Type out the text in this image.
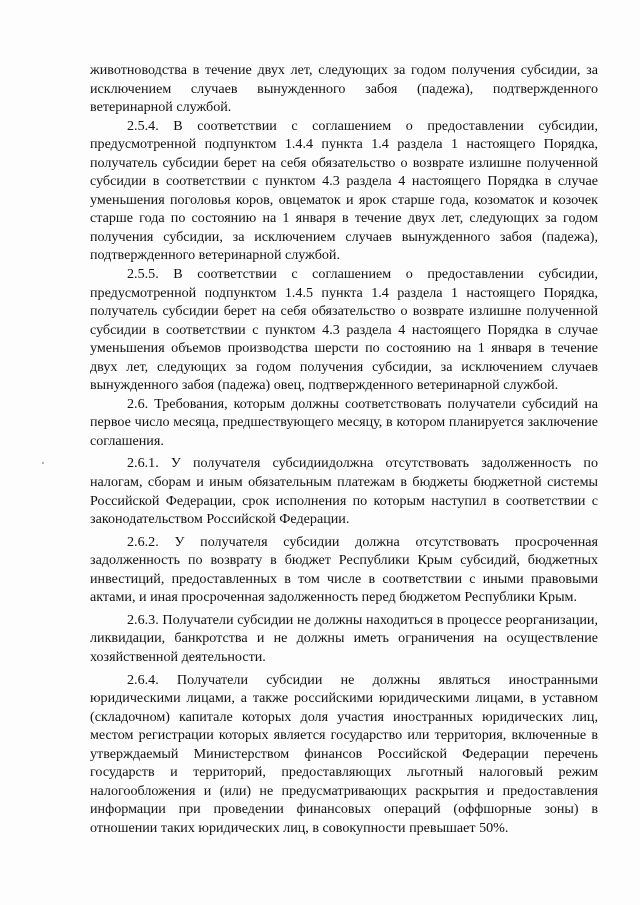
животноводства в течение двух лет, следующих за годом получения субсидии, за исключением случаев вынужденного забоя (падежа), подтвержденного ветеринарной службой.

2.5.4. В соответствии с соглашением о предоставлении субсидии, предусмотренной подпунктом 1.4.4 пункта 1.4 раздела 1 настоящего Порядка, получатель субсидии берет на себя обязательство о возврате излишне полученной субсидии в соответствии с пунктом 4.3 раздела 4 настоящего Порядка в случае уменьшения поголовья коров, овцематок и ярок старше года, козоматок и козочек старше года по состоянию на 1 января в течение двух лет, следующих за годом получения субсидии, за исключением случаев вынужденного забоя (падежа), подтвержденного ветеринарной службой.

2.5.5. В соответствии с соглашением о предоставлении субсидии, предусмотренной подпунктом 1.4.5 пункта 1.4 раздела 1 настоящего Порядка, получатель субсидии берет на себя обязательство о возврате излишне полученной субсидии в соответствии с пунктом 4.3 раздела 4 настоящего Порядка в случае уменьшения объемов производства шерсти по состоянию на 1 января в течение двух лет, следующих за годом получения субсидии, за исключением случаев вынужденного забоя (падежа) овец, подтвержденного ветеринарной службой.

2.6. Требования, которым должны соответствовать получатели субсидий на первое число месяца, предшествующего месяцу, в котором планируется заключение соглашения.

2.6.1. У получателя субсидиидолжна отсутствовать задолженность по налогам, сборам и иным обязательным платежам в бюджеты бюджетной системы Российской Федерации, срок исполнения по которым наступил в соответствии с законодательством Российской Федерации.

2.6.2. У получателя субсидии должна отсутствовать просроченная задолженность по возврату в бюджет Республики Крым субсидий, бюджетных инвестиций, предоставленных в том числе в соответствии с иными правовыми актами, и иная просроченная задолженность перед бюджетом Республики Крым.

2.6.3. Получатели субсидии не должны находиться в процессе реорганизации, ликвидации, банкротства и не должны иметь ограничения на осуществление хозяйственной деятельности.

2.6.4. Получатели субсидии не должны являться иностранными юридическими лицами, а также российскими юридическими лицами, в уставном (складочном) капитале которых доля участия иностранных юридических лиц, местом регистрации которых является государство или территория, включенные в утверждаемый Министерством финансов Российской Федерации перечень государств и территорий, предоставляющих льготный налоговый режим налогообложения и (или) не предусматривающих раскрытия и предоставления информации при проведении финансовых операций (оффшорные зоны) в отношении таких юридических лиц, в совокупности превышает 50%.
